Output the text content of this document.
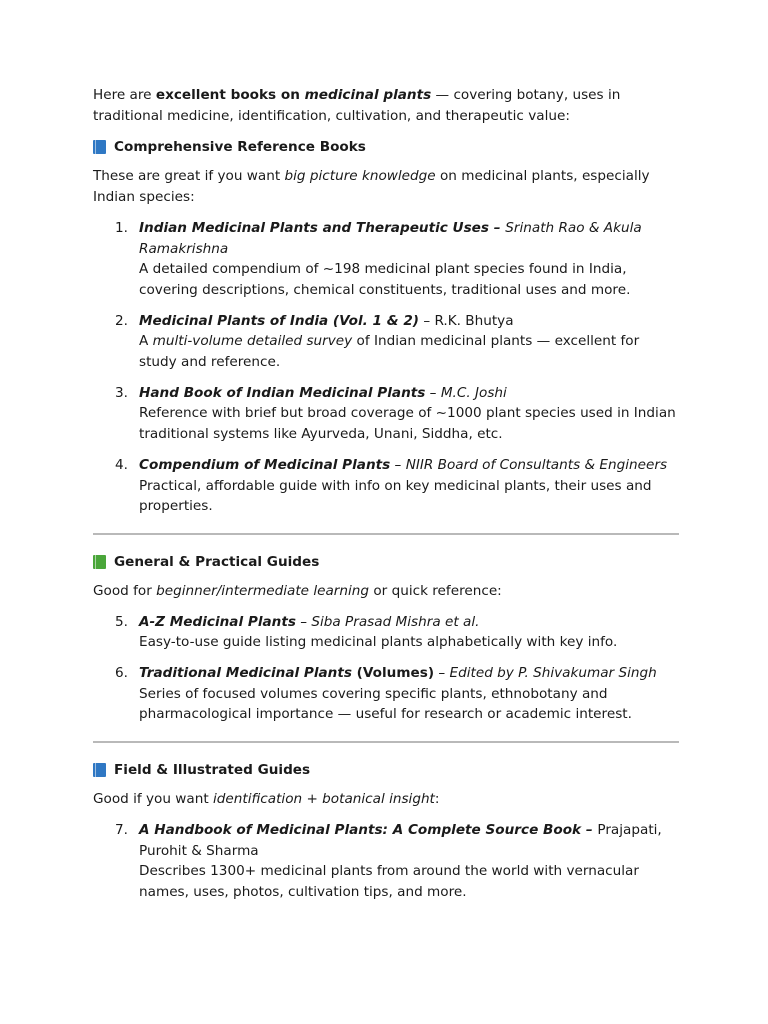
Here are excellent books on medicinal plants — covering botany, uses in traditional medicine, identification, cultivation, and therapeutic value:

Comprehensive Reference Books

These are great if you want big picture knowledge on medicinal plants, especially Indian species:

1. Indian Medicinal Plants and Therapeutic Uses – Srinath Rao & Akula Ramakrishna

A detailed compendium of ~198 medicinal plant species found in India, covering descriptions, chemical constituents, traditional uses and more.

2. Medicinal Plants of India (Vol. 1 & 2) – R.K. Bhutya

A multi-volume detailed survey of Indian medicinal plants — excellent for study and reference.

3. Hand Book of Indian Medicinal Plants – M.C. Joshi

Reference with brief but broad coverage of ~1000 plant species used in Indian traditional systems like Ayurveda, Unani, Siddha, etc.

4. Compendium of Medicinal Plants – NIIR Board of Consultants & Engineers

Practical, affordable guide with info on key medicinal plants, their uses and properties.

General & Practical Guides

Good for beginner/intermediate learning or quick reference:

5. A-Z Medicinal Plants – Siba Prasad Mishra et al.

Easy-to-use guide listing medicinal plants alphabetically with key info.

6. Traditional Medicinal Plants (Volumes) – Edited by P. Shivakumar Singh

Series of focused volumes covering specific plants, ethnobotany and pharmacological importance — useful for research or academic interest.

Field & Illustrated Guides

Good if you want identification + botanical insight:

7. A Handbook of Medicinal Plants: A Complete Source Book – Prajapati, Purohit & Sharma

Describes 1300+ medicinal plants from around the world with vernacular names, uses, photos, cultivation tips, and more.
